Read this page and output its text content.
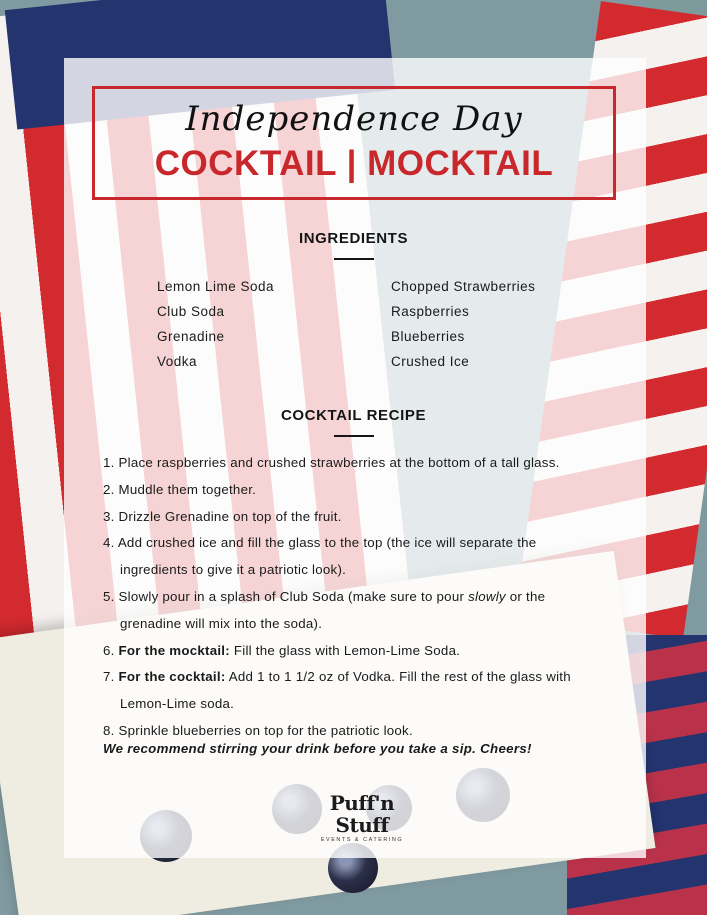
Independence Day
COCKTAIL | MOCKTAIL
INGREDIENTS
Lemon Lime Soda
Club Soda
Grenadine
Vodka
Chopped Strawberries
Raspberries
Blueberries
Crushed Ice
COCKTAIL RECIPE
1. Place raspberries and crushed strawberries at the bottom of a tall glass.
2. Muddle them together.
3. Drizzle Grenadine on top of the fruit.
4. Add crushed ice and fill the glass to the top (the ice will separate the
ingredients to give it a patriotic look).
5. Slowly pour in a splash of Club Soda (make sure to pour slowly or the
grenadine will mix into the soda).
6. For the mocktail: Fill the glass with Lemon-Lime Soda.
7. For the cocktail: Add 1 to 1 1/2 oz of Vodka. Fill the rest of the glass with
Lemon-Lime soda.
8. Sprinkle blueberries on top for the patriotic look.
We recommend stirring your drink before you take a sip. Cheers!
Puff'n Stuff
EVENTS & CATERING
